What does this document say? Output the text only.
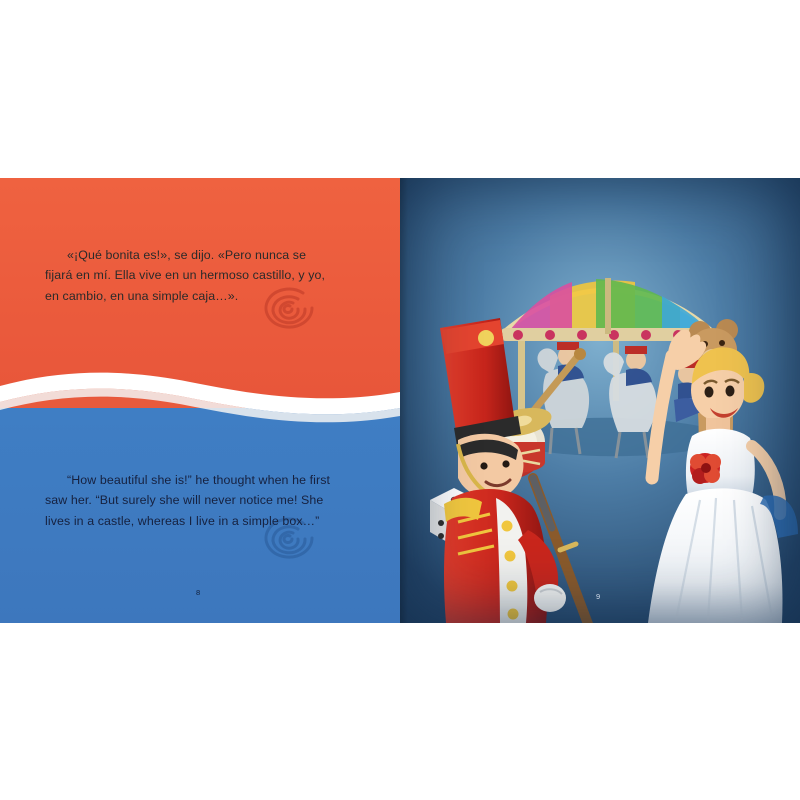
«¡Qué bonita es!», se dijo. «Pero nunca se fijará en mí. Ella vive en un hermoso castillo, y yo, en cambio, en una simple caja…».

“How beautiful she is!” he thought when he first saw her. “But surely she will never notice me! She lives in a castle, whereas I live in a simple box…”

8	9
